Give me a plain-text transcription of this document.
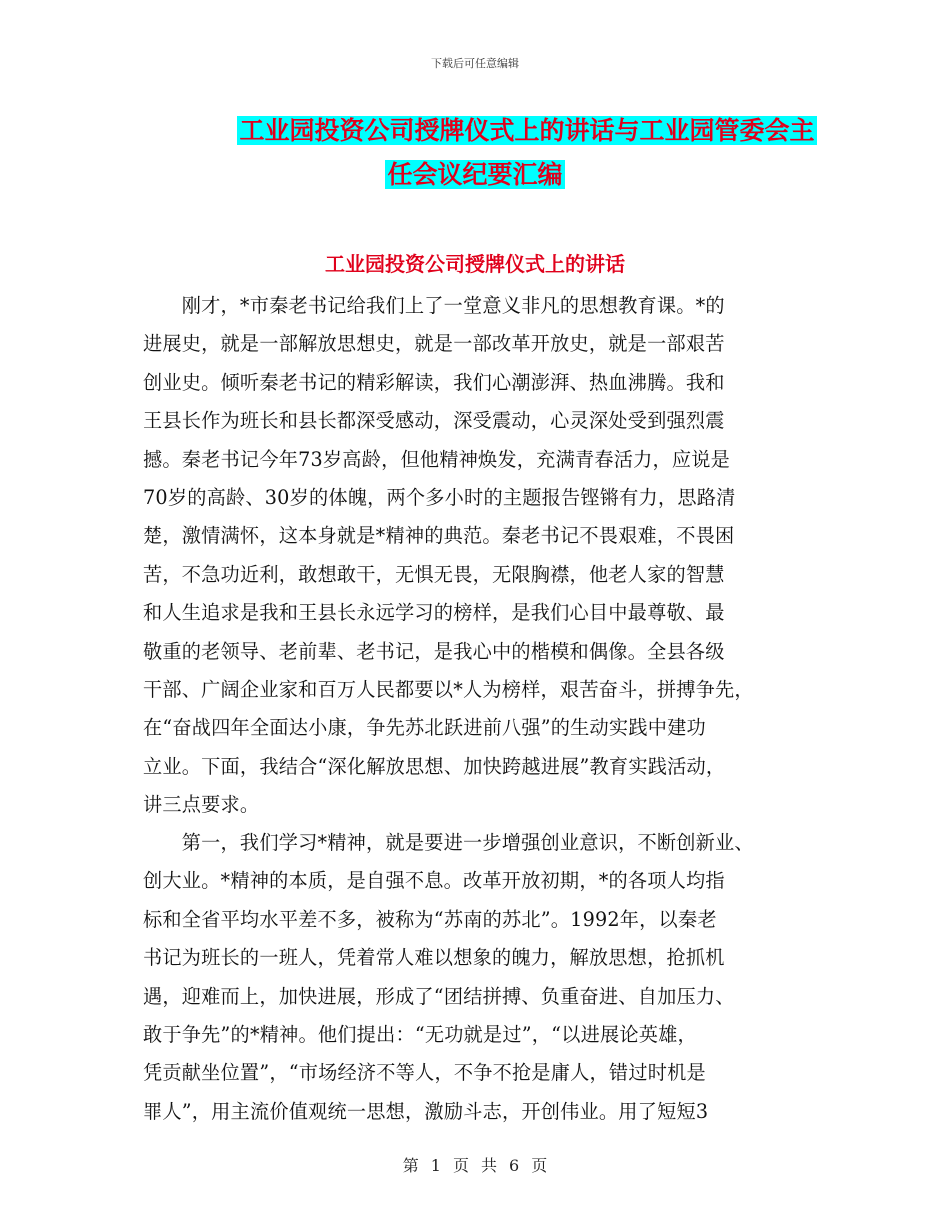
下载后可任意编辑
工业园投资公司授牌仪式上的讲话与工业园管委会主
任会议纪要汇编
工业园投资公司授牌仪式上的讲话
　　刚才，*市秦老书记给我们上了一堂意义非凡的思想教育课。*的
进展史，就是一部解放思想史，就是一部改革开放史，就是一部艰苦
创业史。倾听秦老书记的精彩解读，我们心潮澎湃、热血沸腾。我和
王县长作为班长和县长都深受感动，深受震动，心灵深处受到强烈震
撼。秦老书记今年73岁高龄，但他精神焕发，充满青春活力，应说是
70岁的高龄、30岁的体魄，两个多小时的主题报告铿锵有力，思路清
楚，激情满怀，这本身就是*精神的典范。秦老书记不畏艰难，不畏困
苦，不急功近利，敢想敢干，无惧无畏，无限胸襟，他老人家的智慧
和人生追求是我和王县长永远学习的榜样，是我们心目中最尊敬、最
敬重的老领导、老前辈、老书记，是我心中的楷模和偶像。全县各级
干部、广阔企业家和百万人民都要以*人为榜样，艰苦奋斗，拼搏争先，
在“奋战四年全面达小康，争先苏北跃进前八强”的生动实践中建功
立业。下面，我结合“深化解放思想、加快跨越进展”教育实践活动，
讲三点要求。
　　第一，我们学习*精神，就是要进一步增强创业意识，不断创新业、
创大业。*精神的本质，是自强不息。改革开放初期，*的各项人均指
标和全省平均水平差不多，被称为“苏南的苏北”。1992年，以秦老
书记为班长的一班人，凭着常人难以想象的魄力，解放思想，抢抓机
遇，迎难而上，加快进展，形成了“团结拼搏、负重奋进、自加压力、
敢于争先”的*精神。他们提出：“无功就是过”，“以进展论英雄，
凭贡献坐位置”，“市场经济不等人，不争不抢是庸人，错过时机是
罪人”，用主流价值观统一思想，激励斗志，开创伟业。用了短短3
第 1 页 共 6 页
